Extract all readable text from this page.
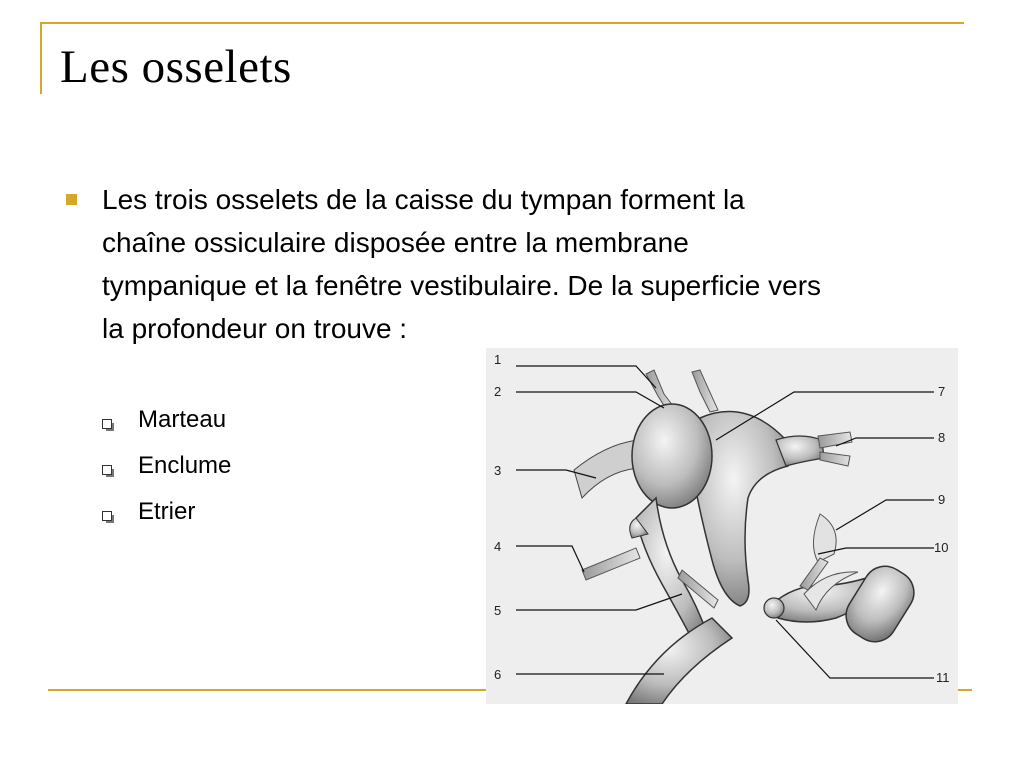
Les osselets

Les trois osselets de la caisse du tympan forment la chaîne ossiculaire disposée entre la membrane tympanique et la fenêtre vestibulaire. De la superficie vers la profondeur on trouve :

Marteau
Enclume
Etrier
1
2
3
4
5
6
7
8
9
10
11
